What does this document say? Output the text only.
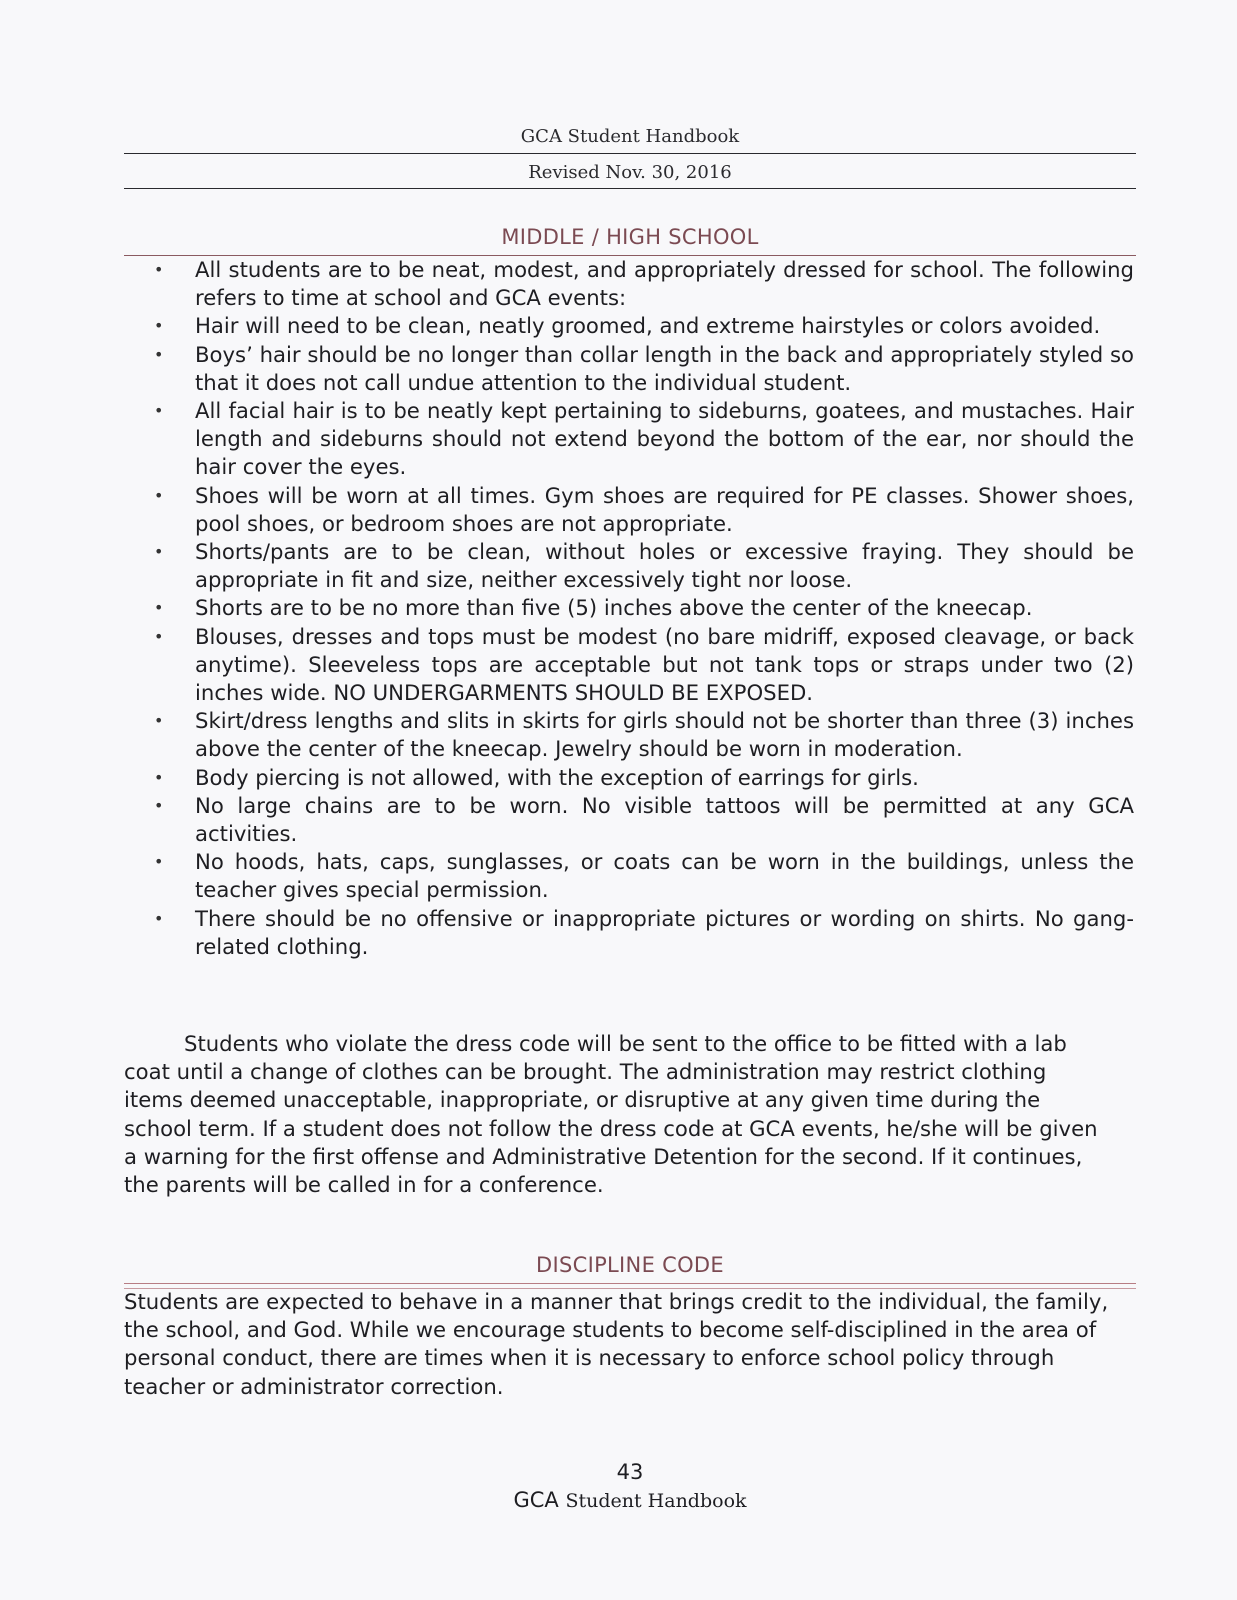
GCA Student Handbook
Revised Nov. 30, 2016
MIDDLE / HIGH SCHOOL
• All students are to be neat, modest, and appropriately dressed for school. The following refers to time at school and GCA events:
• Hair will need to be clean, neatly groomed, and extreme hairstyles or colors avoided.
• Boys’ hair should be no longer than collar length in the back and appropriately styled so that it does not call undue attention to the individual student.
• All facial hair is to be neatly kept pertaining to sideburns, goatees, and mustaches. Hair length and sideburns should not extend beyond the bottom of the ear, nor should the hair cover the eyes.
• Shoes will be worn at all times. Gym shoes are required for PE classes. Shower shoes, pool shoes, or bedroom shoes are not appropriate.
• Shorts/pants are to be clean, without holes or excessive fraying. They should be appropriate in fit and size, neither excessively tight nor loose.
• Shorts are to be no more than five (5) inches above the center of the kneecap.
• Blouses, dresses and tops must be modest (no bare midriff, exposed cleavage, or back anytime). Sleeveless tops are acceptable but not tank tops or straps under two (2) inches wide. NO UNDERGARMENTS SHOULD BE EXPOSED.
• Skirt/dress lengths and slits in skirts for girls should not be shorter than three (3) inches above the center of the kneecap. Jewelry should be worn in moderation.
• Body piercing is not allowed, with the exception of earrings for girls.
• No large chains are to be worn. No visible tattoos will be permitted at any GCA activities.
• No hoods, hats, caps, sunglasses, or coats can be worn in the buildings, unless the teacher gives special permission.
• There should be no offensive or inappropriate pictures or wording on shirts. No gang-related clothing.

Students who violate the dress code will be sent to the office to be fitted with a lab coat until a change of clothes can be brought. The administration may restrict clothing items deemed unacceptable, inappropriate, or disruptive at any given time during the school term. If a student does not follow the dress code at GCA events, he/she will be given a warning for the first offense and Administrative Detention for the second. If it continues, the parents will be called in for a conference.

DISCIPLINE CODE

Students are expected to behave in a manner that brings credit to the individual, the family, the school, and God. While we encourage students to become self-disciplined in the area of personal conduct, there are times when it is necessary to enforce school policy through teacher or administrator correction.

43
GCA Student Handbook
